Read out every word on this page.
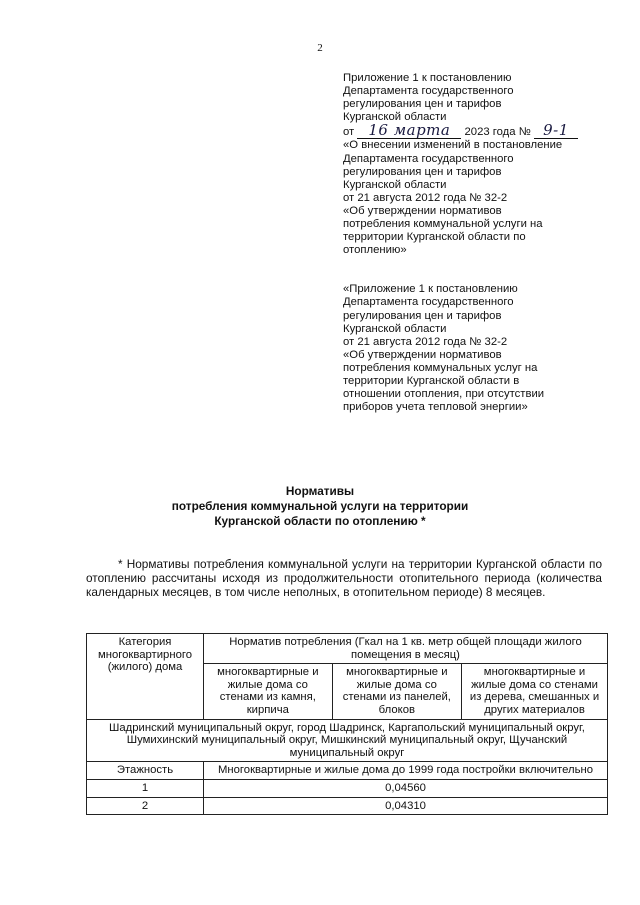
2

Приложение 1 к постановлению

Департамента государственного

регулирования цен и тарифов

Курганской области

от 16 марта 2023 года № 9-1

«О внесении изменений в постановление

Департамента государственного

регулирования цен и тарифов

Курганской области

от 21 августа 2012 года № 32-2

«Об утверждении нормативов

потребления коммунальной услуги на

территории Курганской области по

отоплению»

«Приложение 1 к постановлению

Департамента государственного

регулирования цен и тарифов

Курганской области

от 21 августа 2012 года № 32-2

«Об утверждении нормативов

потребления коммунальных услуг на

территории Курганской области в

отношении отопления, при отсутствии

приборов учета тепловой энергии»

Нормативы

потребления коммунальной услуги на территории

Курганской области по отоплению *

* Нормативы потребления коммунальной услуги на территории Курганской области по отоплению рассчитаны исходя из продолжительности отопительного периода (количества календарных месяцев, в том числе неполных, в отопительном периоде) 8 месяцев.

Категория многоквартирного (жилого) дома	Норматив потребления (Гкал на 1 кв. метр общей площади жилого помещения в месяц)		
	многоквартирные и жилые дома со стенами из камня, кирпича	многоквартирные и жилые дома со стенами из панелей, блоков	многоквартирные и жилые дома со стенами из дерева, смешанных и других материалов
Шадринский муниципальный округ, город Шадринск, Каргапольский муниципальный округ, Шумихинский муниципальный округ, Мишкинский муниципальный округ, Щучанский муниципальный округ			
Этажность	Многоквартирные и жилые дома до 1999 года постройки включительно		
1	0,04560		
2	0,04310		
